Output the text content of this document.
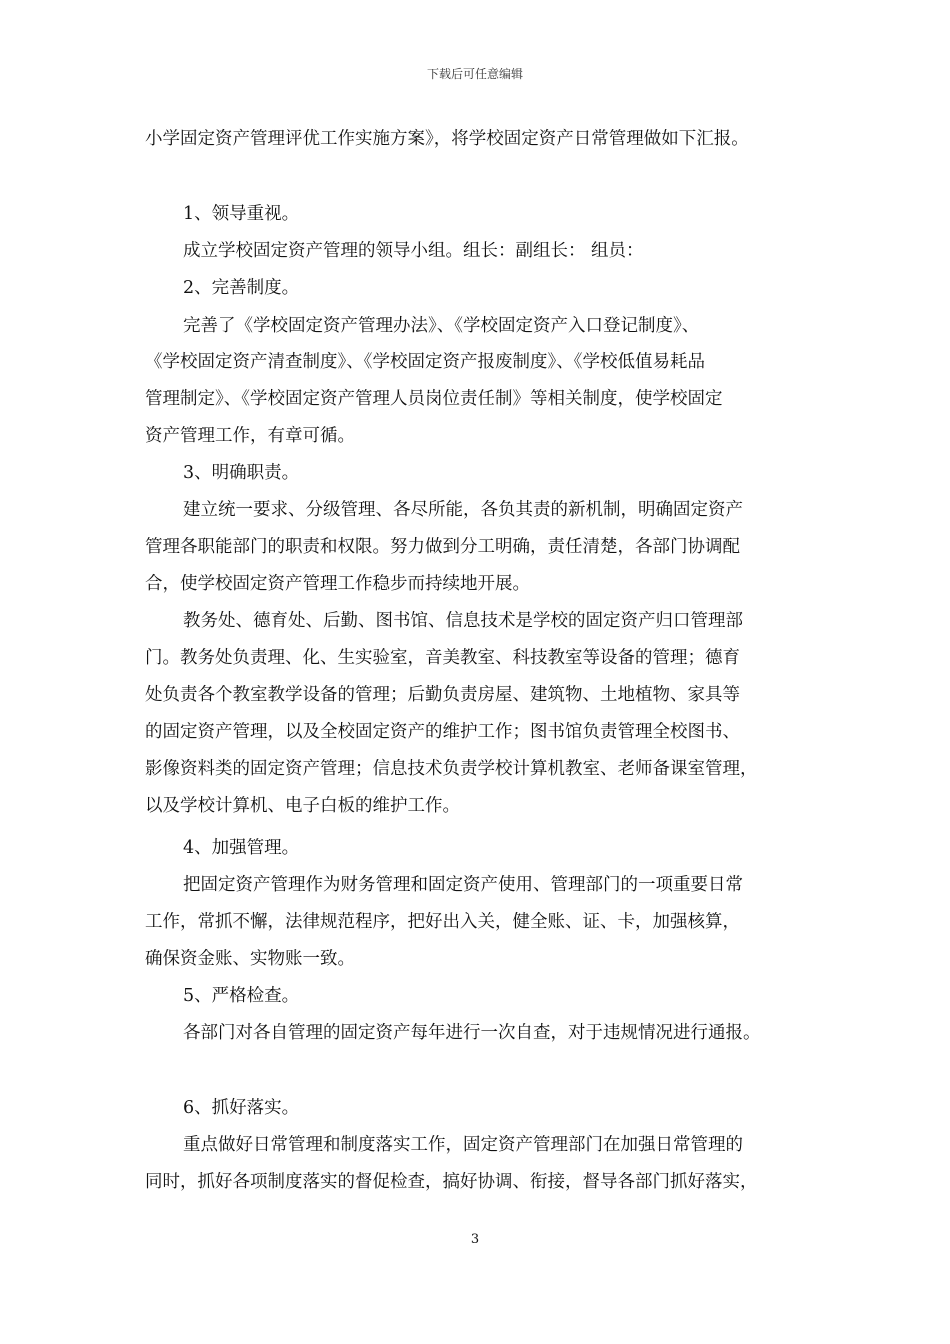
下载后可任意编辑
小学固定资产管理评优工作实施方案》，将学校固定资产日常管理做如下汇报。
1、领导重视。
成立学校固定资产管理的领导小组。组长：副组长： 组员：
2、完善制度。
完善了《学校固定资产管理办法》、《学校固定资产入口登记制度》、
《学校固定资产清查制度》、《学校固定资产报废制度》、《学校低值易耗品
管理制定》、《学校固定资产管理人员岗位责任制》等相关制度，使学校固定
资产管理工作，有章可循。
3、明确职责。
建立统一要求、分级管理、各尽所能，各负其责的新机制，明确固定资产
管理各职能部门的职责和权限。努力做到分工明确，责任清楚，各部门协调配
合，使学校固定资产管理工作稳步而持续地开展。
教务处、德育处、后勤、图书馆、信息技术是学校的固定资产归口管理部
门。教务处负责理、化、生实验室，音美教室、科技教室等设备的管理；德育
处负责各个教室教学设备的管理；后勤负责房屋、建筑物、土地植物、家具等
的固定资产管理，以及全校固定资产的维护工作；图书馆负责管理全校图书、
影像资料类的固定资产管理；信息技术负责学校计算机教室、老师备课室管理，
以及学校计算机、电子白板的维护工作。
4、加强管理。
把固定资产管理作为财务管理和固定资产使用、管理部门的一项重要日常
工作，常抓不懈，法律规范程序，把好出入关，健全账、证、卡，加强核算，
确保资金账、实物账一致。
5、严格检查。
各部门对各自管理的固定资产每年进行一次自查，对于违规情况进行通报。
6、抓好落实。
重点做好日常管理和制度落实工作，固定资产管理部门在加强日常管理的
同时，抓好各项制度落实的督促检查，搞好协调、衔接，督导各部门抓好落实，
3
